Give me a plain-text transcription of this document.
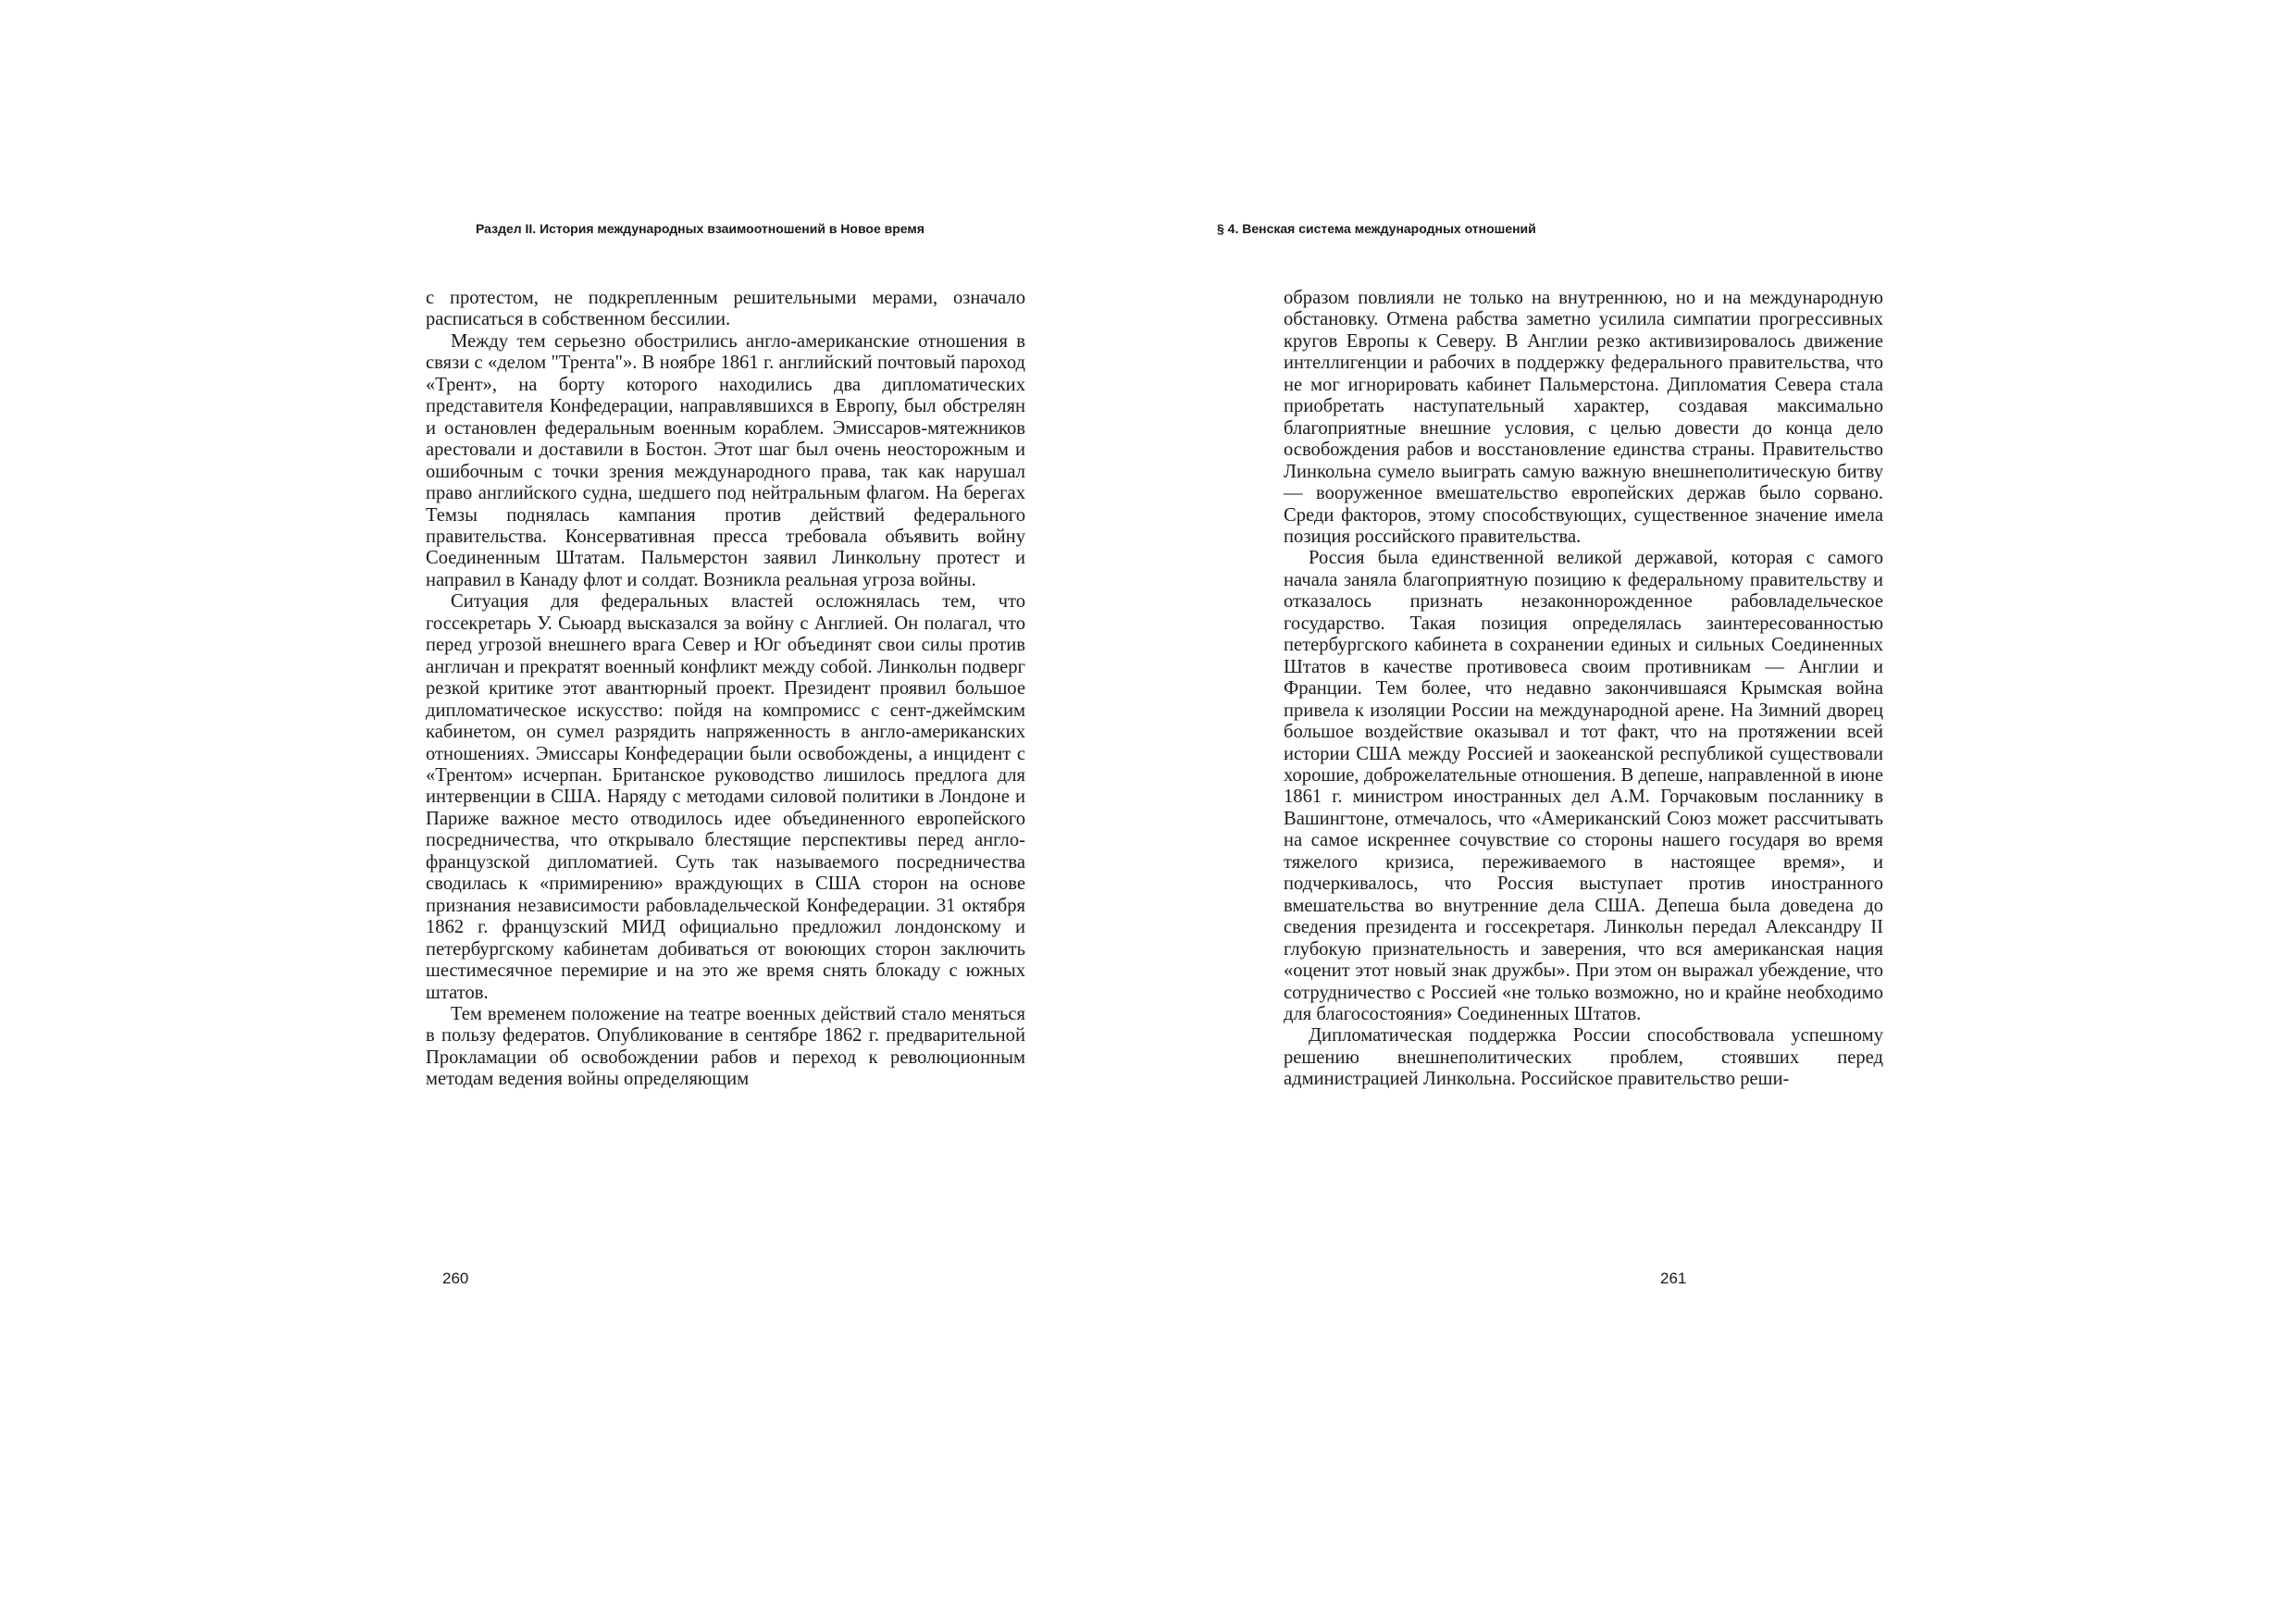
Раздел II. История международных взаимоотношений в Новое время

с протестом, не подкрепленным решительными мерами, означало расписаться в собственном бессилии.

Между тем серьезно обострились англо-американские отношения в связи с «делом "Трента"». В ноябре 1861 г. английский почтовый пароход «Трент», на борту которого находились два дипломатических представителя Конфедерации, направлявшихся в Европу, был обстрелян и остановлен федеральным военным кораблем. Эмиссаров-мятежников арестовали и доставили в Бостон. Этот шаг был очень неосторожным и ошибочным с точки зрения международного права, так как нарушал право английского судна, шедшего под нейтральным флагом. На берегах Темзы поднялась кампания против действий федерального правительства. Консервативная пресса требовала объявить войну Соединенным Штатам. Пальмерстон заявил Линкольну протест и направил в Канаду флот и солдат. Возникла реальная угроза войны.

Ситуация для федеральных властей осложнялась тем, что госсекретарь У. Сьюард высказался за войну с Англией. Он полагал, что перед угрозой внешнего врага Север и Юг объединят свои силы против англичан и прекратят военный конфликт между собой. Линкольн подверг резкой критике этот авантюрный проект. Президент проявил большое дипломатическое искусство: пойдя на компромисс с сент-джеймским кабинетом, он сумел разрядить напряженность в англо-американских отношениях. Эмиссары Конфедерации были освобождены, а инцидент с «Трентом» исчерпан. Британское руководство лишилось предлога для интервенции в США. Наряду с методами силовой политики в Лондоне и Париже важное место отводилось идее объединенного европейского посредничества, что открывало блестящие перспективы перед англо-французской дипломатией. Суть так называемого посредничества сводилась к «примирению» враждующих в США сторон на основе признания независимости рабовладельческой Конфедерации. 31 октября 1862 г. французский МИД официально предложил лондонскому и петербургскому кабинетам добиваться от воюющих сторон заключить шестимесячное перемирие и на это же время снять блокаду с южных штатов.

Тем временем положение на театре военных действий стало меняться в пользу федератов. Опубликование в сентябре 1862 г. предварительной Прокламации об освобождении рабов и переход к революционным методам ведения войны определяющим

260
§ 4. Венская система международных отношений

образом повлияли не только на внутреннюю, но и на международную обстановку. Отмена рабства заметно усилила симпатии прогрессивных кругов Европы к Северу. В Англии резко активизировалось движение интеллигенции и рабочих в поддержку федерального правительства, что не мог игнорировать кабинет Пальмерстона. Дипломатия Севера стала приобретать наступательный характер, создавая максимально благоприятные внешние условия, с целью довести до конца дело освобождения рабов и восстановление единства страны. Правительство Линкольна сумело выиграть самую важную внешнеполитическую битву — вооруженное вмешательство европейских держав было сорвано. Среди факторов, этому способствующих, существенное значение имела позиция российского правительства.

Россия была единственной великой державой, которая с самого начала заняла благоприятную позицию к федеральному правительству и отказалось признать незаконнорожденное рабовладельческое государство. Такая позиция определялась заинтересованностью петербургского кабинета в сохранении единых и сильных Соединенных Штатов в качестве противовеса своим противникам — Англии и Франции. Тем более, что недавно закончившаяся Крымская война привела к изоляции России на международной арене. На Зимний дворец большое воздействие оказывал и тот факт, что на протяжении всей истории США между Россией и заокеанской республикой существовали хорошие, доброжелательные отношения. В депеше, направленной в июне 1861 г. министром иностранных дел А.М. Горчаковым посланнику в Вашингтоне, отмечалось, что «Американский Союз может рассчитывать на самое искреннее сочувствие со стороны нашего государя во время тяжелого кризиса, переживаемого в настоящее время», и подчеркивалось, что Россия выступает против иностранного вмешательства во внутренние дела США. Депеша была доведена до сведения президента и госсекретаря. Линкольн передал Александру II глубокую признательность и заверения, что вся американская нация «оценит этот новый знак дружбы». При этом он выражал убеждение, что сотрудничество с Россией «не только возможно, но и крайне необходимо для благосостояния» Соединенных Штатов.

Дипломатическая поддержка России способствовала успешному решению внешнеполитических проблем, стоявших перед администрацией Линкольна. Российское правительство реши-

261
